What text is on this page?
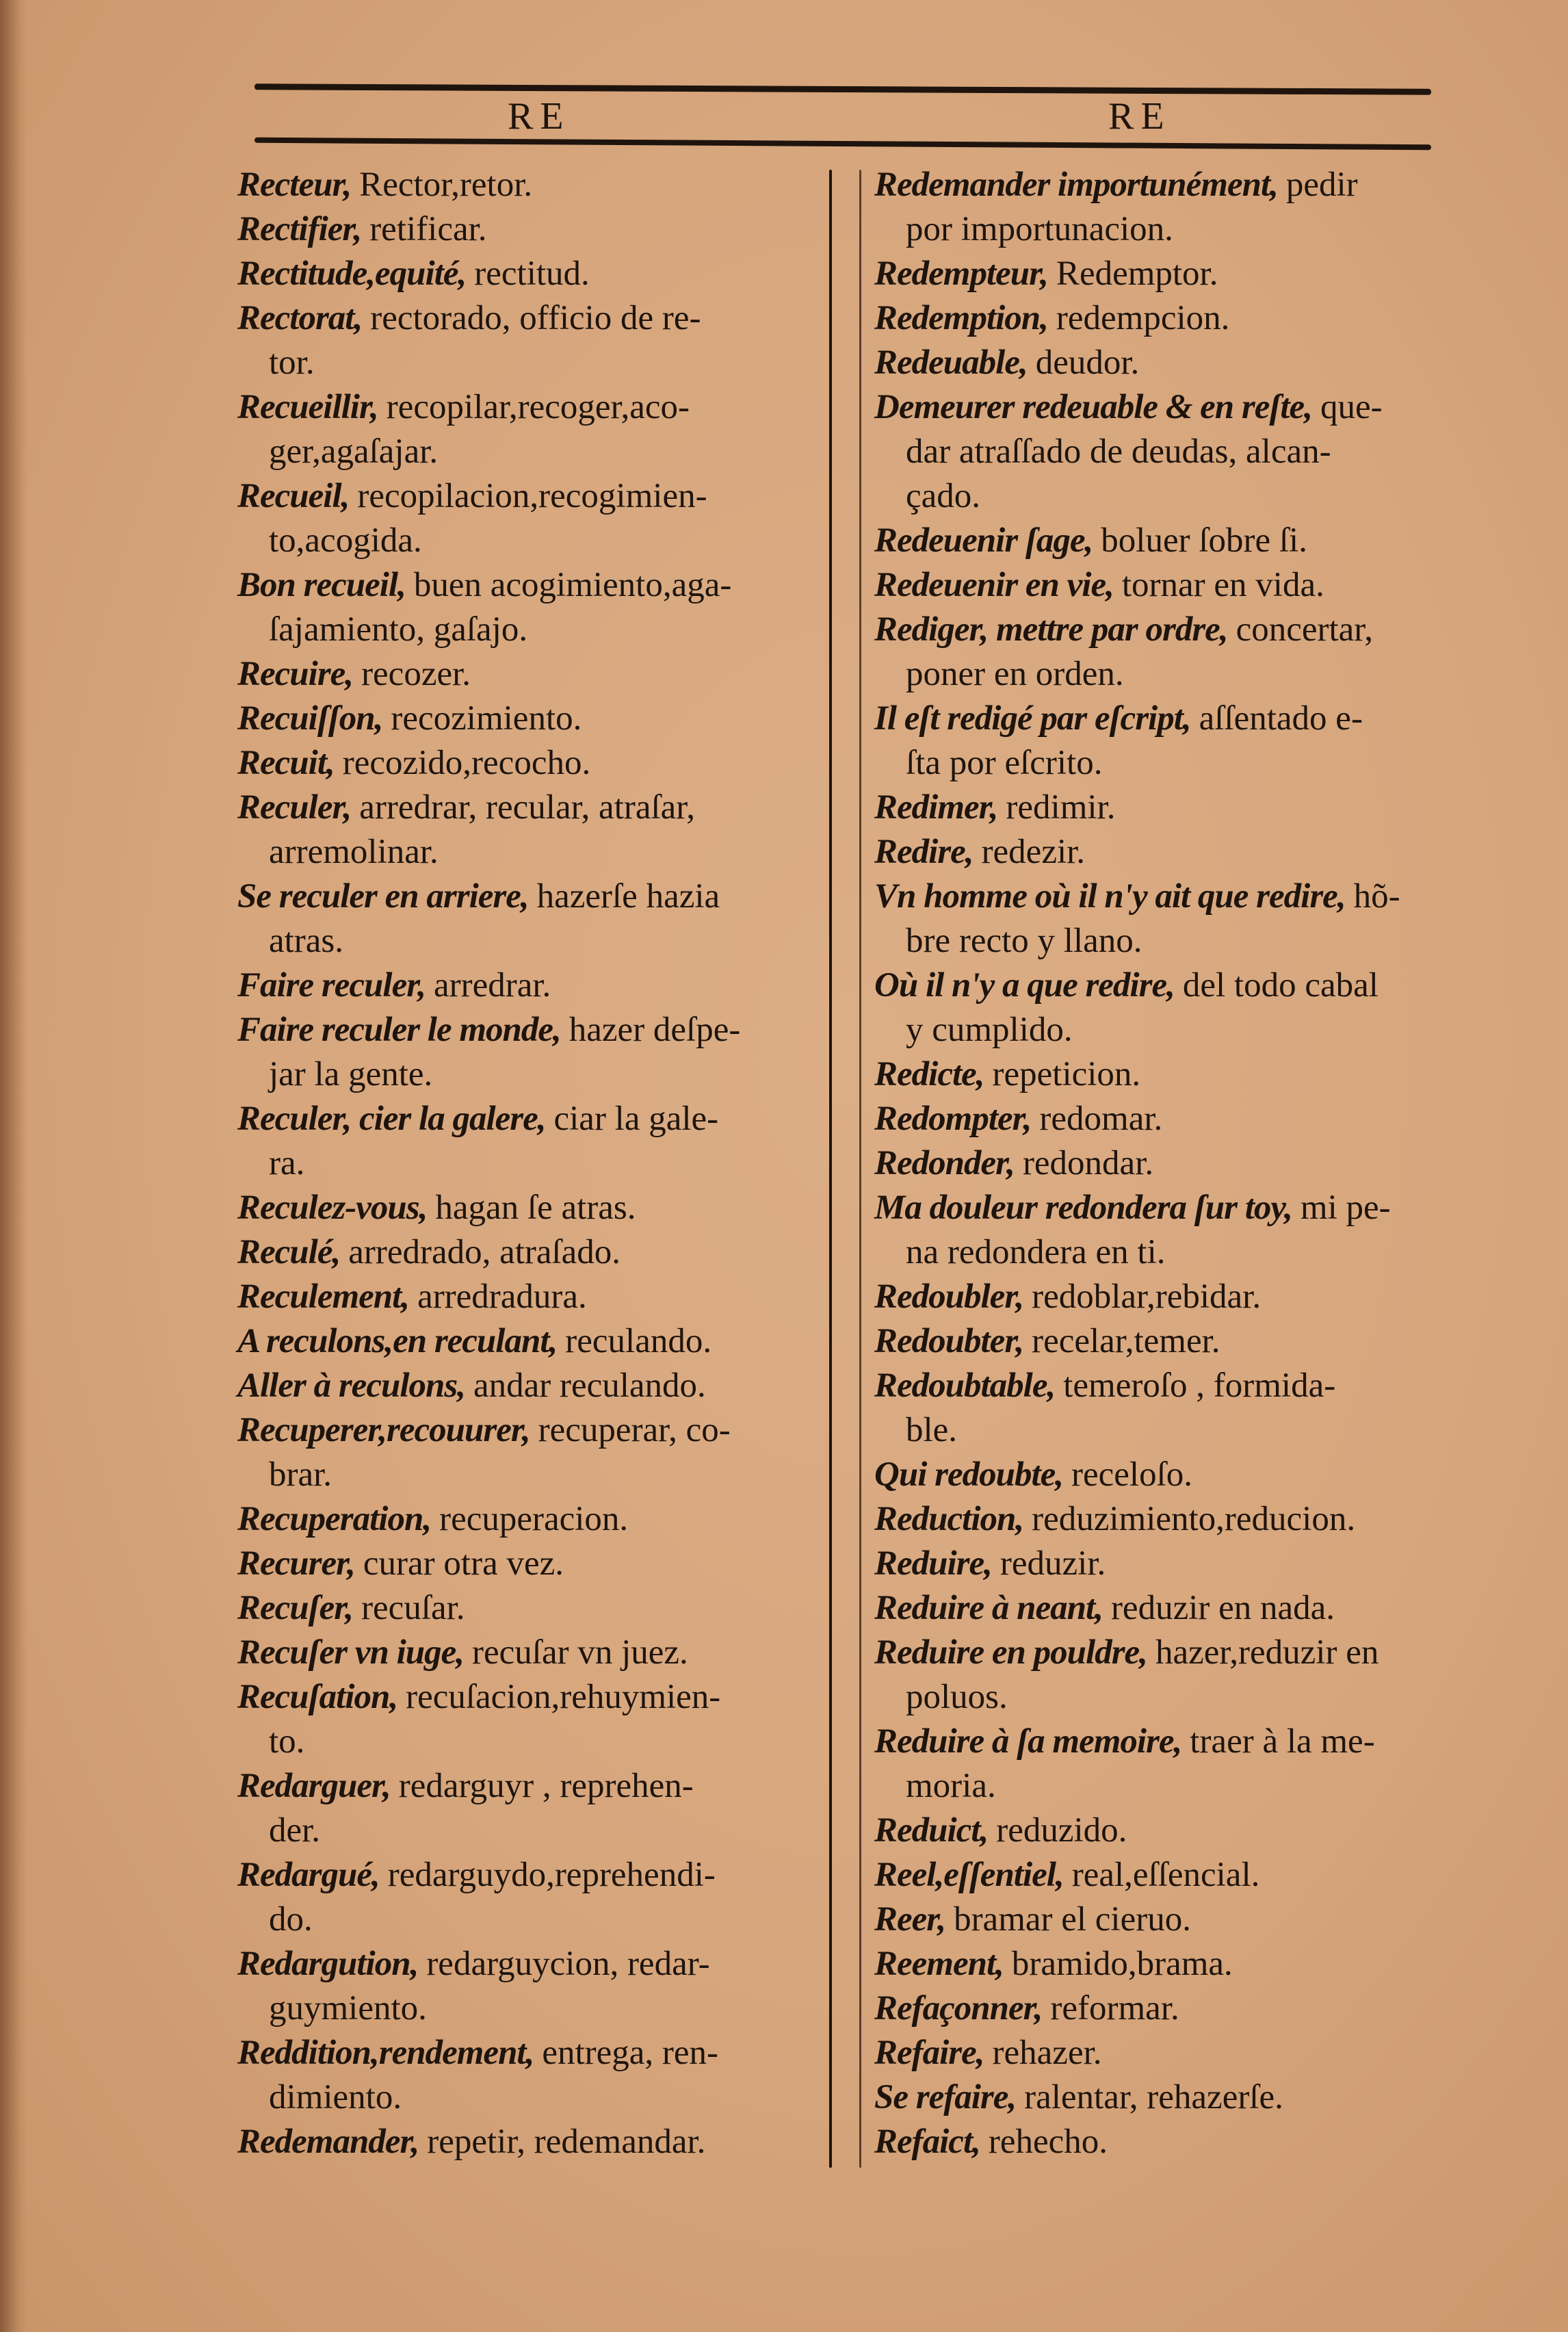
RE	RE
Recteur, Rector,retor.
Rectifier, retificar.
Rectitude,equité, rectitud.
Rectorat, rectorado, officio de re-
tor.
Recueillir, recopilar,recoger,aco-
ger,agaſajar.
Recueil, recopilacion,recogimien-
to,acogida.
Bon recueil, buen acogimiento,aga-
ſajamiento, gaſajo.
Recuire, recozer.
Recuiſſon, recozimiento.
Recuit, recozido,recocho.
Reculer, arredrar, recular, atraſar,
arremolinar.
Se reculer en arriere, hazerſe hazia
atras.
Faire reculer, arredrar.
Faire reculer le monde, hazer deſpe-
jar la gente.
Reculer, cier la galere, ciar la gale-
ra.
Reculez-vous, hagan ſe atras.
Reculé, arredrado, atraſado.
Reculement, arredradura.
A reculons,en reculant, reculando.
Aller à reculons, andar reculando.
Recuperer,recouurer, recuperar, co-
brar.
Recuperation, recuperacion.
Recurer, curar otra vez.
Recuſer, recuſar.
Recuſer vn iuge, recuſar vn juez.
Recuſation, recuſacion,rehuymien-
to.
Redarguer, redarguyr , reprehen-
der.
Redargué, redarguydo,reprehendi-
do.
Redargution, redarguycion, redar-
guymiento.
Reddition,rendement, entrega, ren-
dimiento.
Redemander, repetir, redemandar.
Redemander importunément, pedir
por importunacion.
Redempteur, Redemptor.
Redemption, redempcion.
Redeuable, deudor.
Demeurer redeuable & en reſte, que-
dar atraſſado de deudas, alcan-
çado.
Redeuenir ſage, boluer ſobre ſi.
Redeuenir en vie, tornar en vida.
Rediger, mettre par ordre, concertar,
poner en orden.
Il eſt redigé par eſcript, aſſentado e-
ſta por eſcrito.
Redimer, redimir.
Redire, redezir.
Vn homme où il n'y ait que redire, hõ-
bre recto y llano.
Où il n'y a que redire, del todo cabal
y cumplido.
Redicte, repeticion.
Redompter, redomar.
Redonder, redondar.
Ma douleur redondera ſur toy, mi pe-
na redondera en ti.
Redoubler, redoblar,rebidar.
Redoubter, recelar,temer.
Redoubtable, temeroſo , formida-
ble.
Qui redoubte, receloſo.
Reduction, reduzimiento,reducion.
Reduire, reduzir.
Reduire à neant, reduzir en nada.
Reduire en pouldre, hazer,reduzir en
poluos.
Reduire à ſa memoire, traer à la me-
moria.
Reduict, reduzido.
Reel,eſſentiel, real,eſſencial.
Reer, bramar el cieruo.
Reement, bramido,brama.
Refaçonner, reformar.
Refaire, rehazer.
Se refaire, ralentar, rehazerſe.
Refaict, rehecho.
